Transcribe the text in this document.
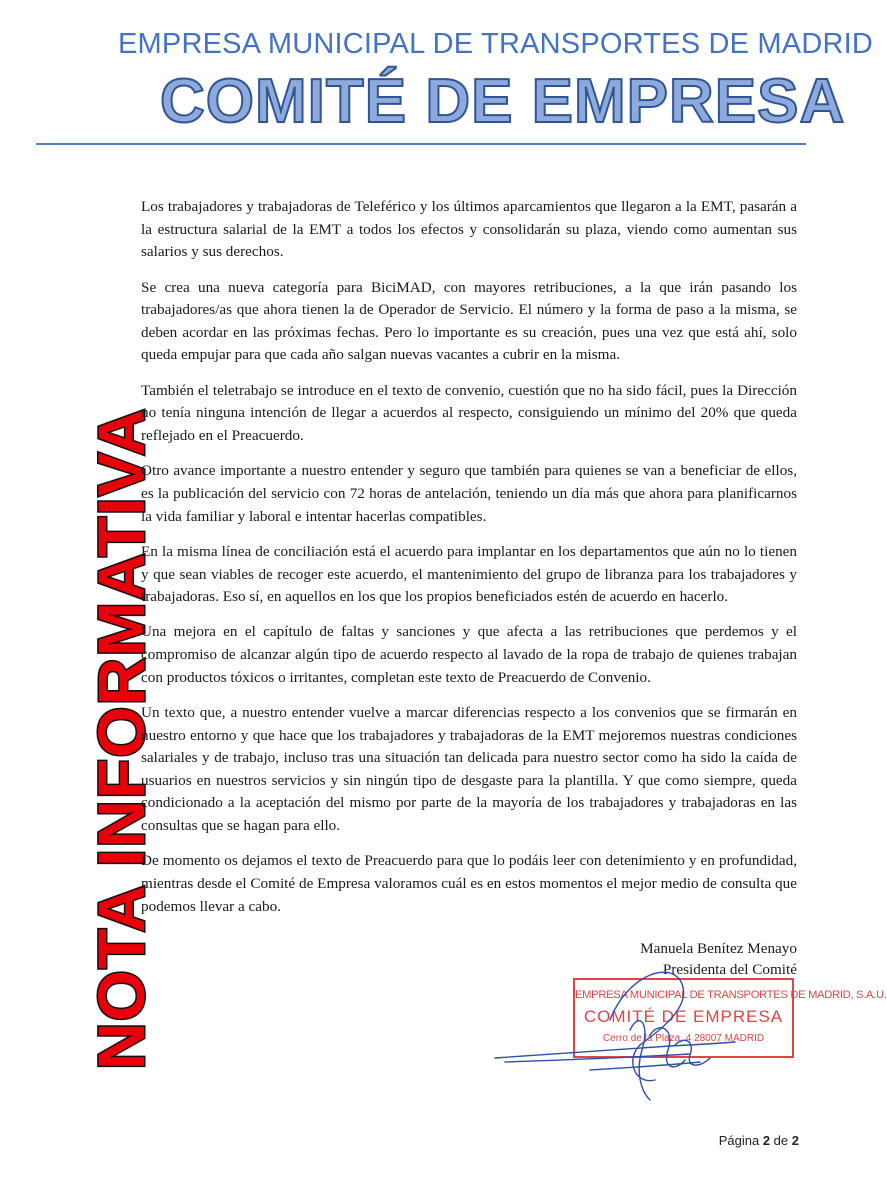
EMPRESA MUNICIPAL DE TRANSPORTES DE MADRID
COMITÉ DE EMPRESA
NOTA INFORMATIVA

Los trabajadores y trabajadoras de Teleférico y los últimos aparcamientos que llegaron a la EMT, pasarán a la estructura salarial de la EMT a todos los efectos y consolidarán su plaza, viendo como aumentan sus salarios y sus derechos.

Se crea una nueva categoría para BiciMAD, con mayores retribuciones, a la que irán pasando los trabajadores/as que ahora tienen la de Operador de Servicio. El número y la forma de paso a la misma, se deben acordar en las próximas fechas. Pero lo importante es su creación, pues una vez que está ahí, solo queda empujar para que cada año salgan nuevas vacantes a cubrir en la misma.

También el teletrabajo se introduce en el texto de convenio, cuestión que no ha sido fácil, pues la Dirección no tenía ninguna intención de llegar a acuerdos al respecto, consiguiendo un mínimo del 20% que queda reflejado en el Preacuerdo.

Otro avance importante a nuestro entender y seguro que también para quienes se van a beneficiar de ellos, es la publicación del servicio con 72 horas de antelación, teniendo un día más que ahora para planificarnos la vida familiar y laboral e intentar hacerlas compatibles.

En la misma línea de conciliación está el acuerdo para implantar en los departamentos que aún no lo tienen y que sean viables de recoger este acuerdo, el mantenimiento del grupo de libranza para los trabajadores y trabajadoras. Eso sí, en aquellos en los que los propios beneficiados estén de acuerdo en hacerlo.

Una mejora en el capítulo de faltas y sanciones y que afecta a las retribuciones que perdemos y el compromiso de alcanzar algún tipo de acuerdo respecto al lavado de la ropa de trabajo de quienes trabajan con productos tóxicos o irritantes, completan este texto de Preacuerdo de Convenio.

Un texto que, a nuestro entender vuelve a marcar diferencias respecto a los convenios que se firmarán en nuestro entorno y que hace que los trabajadores y trabajadoras de la EMT mejoremos nuestras condiciones salariales y de trabajo, incluso tras una situación tan delicada para nuestro sector como ha sido la caída de usuarios en nuestros servicios y sin ningún tipo de desgaste para la plantilla. Y que como siempre, queda condicionado a la aceptación del mismo por parte de la mayoría de los trabajadores y trabajadoras en las consultas que se hagan para ello.

De momento os dejamos el texto de Preacuerdo para que lo podáis leer con detenimiento y en profundidad, mientras desde el Comité de Empresa valoramos cuál es en estos momentos el mejor medio de consulta que podemos llevar a cabo.

Manuela Benítez Menayo
Presidenta del Comité
EMPRESA MUNICIPAL DE TRANSPORTES DE MADRID, S.A.U.
COMITÉ DE EMPRESA
Cerro de la Plaza, 4 28007 MADRID
Página 2 de 2
